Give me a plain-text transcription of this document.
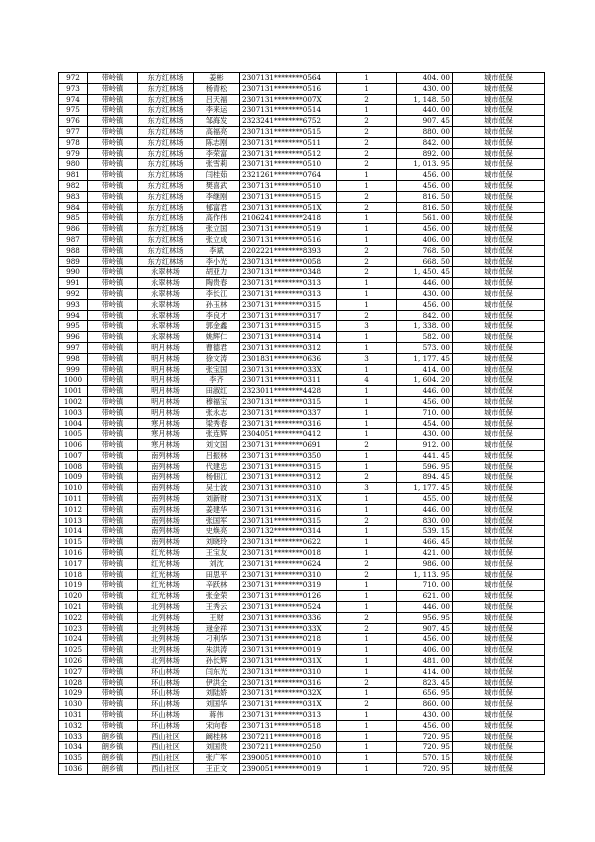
972	带岭镇	东方红林场	姜彬	2307131********0564	1	404. 00	城市低保
973	带岭镇	东方红林场	杨青松	2307131********0516	1	430. 00	城市低保
974	带岭镇	东方红林场	吕天福	2307131********007X	2	1, 148. 50	城市低保
975	带岭镇	东方红林场	李来运	2307131********0514	1	440. 00	城市低保
976	带岭镇	东方红林场	邹海发	2323241********6752	2	907. 45	城市低保
977	带岭镇	东方红林场	高福亮	2307131********0515	2	880. 00	城市低保
978	带岭镇	东方红林场	陈志刚	2307131********0511	2	842. 00	城市低保
979	带岭镇	东方红林场	李荣富	2307131********0512	2	892. 00	城市低保
980	带岭镇	东方红林场	张雪莉	2307131********0510	2	1, 013. 95	城市低保
981	带岭镇	东方红林场	闫桂茹	2321261********0764	1	456. 00	城市低保
982	带岭镇	东方红林场	樊喜武	2307131********0510	1	456. 00	城市低保
983	带岭镇	东方红林场	李继刚	2307131********0515	2	816. 50	城市低保
984	带岭镇	东方红林场	郁富君	2307131********051X	2	816. 50	城市低保
985	带岭镇	东方红林场	高作伟	2106241********2418	1	561. 00	城市低保
986	带岭镇	东方红林场	张立国	2307131********0519	1	456. 00	城市低保
987	带岭镇	东方红林场	张立成	2307131********0516	1	406. 00	城市低保
988	带岭镇	东方红林场	李斌	2202221********8393	2	768. 50	城市低保
989	带岭镇	东方红林场	李小光	2307131********0058	2	668. 50	城市低保
990	带岭镇	永翠林场	胡亚力	2307131********0348	2	1, 450. 45	城市低保
991	带岭镇	永翠林场	陶贵春	2307131********0313	1	446. 00	城市低保
992	带岭镇	永翠林场	李长江	2307131********0313	1	430. 00	城市低保
993	带岭镇	永翠林场	孙玉林	2307131********0315	1	456. 00	城市低保
994	带岭镇	永翠林场	李良才	2307131********0317	2	842. 00	城市低保
995	带岭镇	永翠林场	郭金鑫	2307131********0315	3	1, 338. 00	城市低保
996	带岭镇	永翠林场	姚辉仁	2307131********0314	1	582. 00	城市低保
997	带岭镇	明月林场	曹德君	2307131********0312	1	573. 00	城市低保
998	带岭镇	明月林场	徐文涛	2301831********0636	3	1, 177. 45	城市低保
999	带岭镇	明月林场	张宝国	2307131********033X	1	414. 00	城市低保
1000	带岭镇	明月林场	李齐	2307131********0311	4	1, 604. 20	城市低保
1001	带岭镇	明月林场	田淑红	2323011********4428	1	446. 00	城市低保
1002	带岭镇	明月林场	穆福宝	2307131********0315	1	456. 00	城市低保
1003	带岭镇	明月林场	张永志	2307131********0337	1	710. 00	城市低保
1004	带岭镇	寒月林场	梁秀春	2307131********0316	1	454. 00	城市低保
1005	带岭镇	寒月林场	张连辉	2304051********0412	1	430. 00	城市低保
1006	带岭镇	寒月林场	刘文国	2307131********0691	2	912. 00	城市低保
1007	带岭镇	南列林场	吕振林	2307131********0350	1	441. 45	城市低保
1008	带岭镇	南列林场	代建忠	2307131********0315	1	596. 95	城市低保
1009	带岭镇	南列林场	杨佃江	2307131********0312	2	894. 45	城市低保
1010	带岭镇	南列林场	吴士波	2307131********0310	3	1, 177. 45	城市低保
1011	带岭镇	南列林场	刘新财	2307131********031X	1	455. 00	城市低保
1012	带岭镇	南列林场	姜建华	2307131********0316	1	446. 00	城市低保
1013	带岭镇	南列林场	张国军	2307131********0315	2	830. 00	城市低保
1014	带岭镇	南列林场	史焕亮	2307132********0314	1	539. 15	城市低保
1015	带岭镇	南列林场	刘晓玲	2307131********0622	1	466. 45	城市低保
1016	带岭镇	红光林场	王宝友	2307131********0018	1	421. 00	城市低保
1017	带岭镇	红光林场	刘沈	2307131********0624	2	986. 00	城市低保
1018	带岭镇	红光林场	田思平	2307131********0310	2	1, 113. 95	城市低保
1019	带岭镇	红光林场	辛跃林	2307131********0319	1	710. 00	城市低保
1020	带岭镇	红光林场	张金荣	2307131********0126	1	621. 00	城市低保
1021	带岭镇	北列林场	王秀云	2307131********0524	1	446. 00	城市低保
1022	带岭镇	北列林场	王财	2307131********0336	2	956. 95	城市低保
1023	带岭镇	北列林场	逯金祥	2307131********033X	2	907. 45	城市低保
1024	带岭镇	北列林场	刁利华	2307131********0218	1	456. 00	城市低保
1025	带岭镇	北列林场	朱洪涛	2307131********0019	1	406. 00	城市低保
1026	带岭镇	北列林场	孙长辉	2307131********031X	1	481. 00	城市低保
1027	带岭镇	环山林场	闫东光	2307131********0310	1	414. 00	城市低保
1028	带岭镇	环山林场	伊洪全	2307131********0316	2	823. 45	城市低保
1029	带岭镇	环山林场	刘陆娇	2307131********032X	1	656. 95	城市低保
1030	带岭镇	环山林场	刘国华	2307131********031X	2	860. 00	城市低保
1031	带岭镇	环山林场	蒋伟	2307131********0313	1	430. 00	城市低保
1032	带岭镇	环山林场	宋向春	2307131********0518	1	456. 00	城市低保
1033	朗乡镇	西山社区	阚桂林	2307211********0018	1	720. 95	城市低保
1034	朗乡镇	西山社区	刘国贵	2307211********0250	1	720. 95	城市低保
1035	朗乡镇	西山社区	张广军	2390051********0010	1	570. 15	城市低保
1036	朗乡镇	西山社区	王正文	2390051********0019	1	720. 95	城市低保
